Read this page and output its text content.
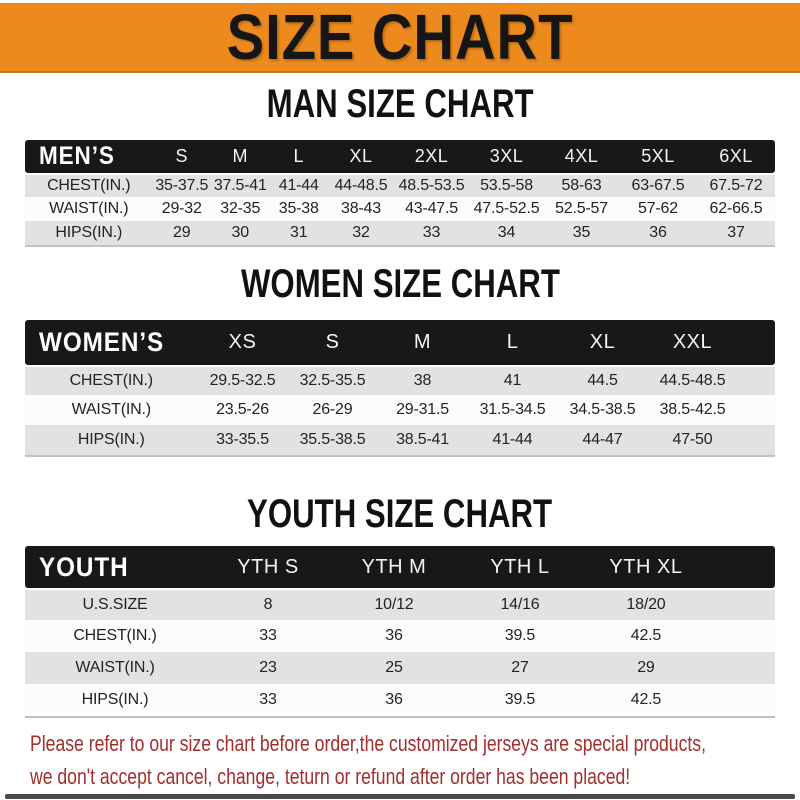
SIZE CHART
MAN SIZE CHART
MEN’S	S	M	L	XL	2XL	3XL	4XL	5XL	6XL
CHEST(IN.)	35-37.5	37.5-41	41-44	44-48.5	48.5-53.5	53.5-58	58-63	63-67.5	67.5-72
WAIST(IN.)	29-32	32-35	35-38	38-43	43-47.5	47.5-52.5	52.5-57	57-62	62-66.5
HIPS(IN.)	29	30	31	32	33	34	35	36	37
WOMEN SIZE CHART
WOMEN’S	XS	S	M	L	XL	XXL	
CHEST(IN.)	29.5-32.5	32.5-35.5	38	41	44.5	44.5-48.5	
WAIST(IN.)	23.5-26	26-29	29-31.5	31.5-34.5	34.5-38.5	38.5-42.5	
HIPS(IN.)	33-35.5	35.5-38.5	38.5-41	41-44	44-47	47-50	
YOUTH SIZE CHART
YOUTH	YTH S	YTH M	YTH L	YTH XL	
U.S.SIZE	8	10/12	14/16	18/20	
CHEST(IN.)	33	36	39.5	42.5	
WAIST(IN.)	23	25	27	29	
HIPS(IN.)	33	36	39.5	42.5	

Please refer to our size chart before order,the customized jerseys are special products,

we don't accept cancel, change, teturn or refund after order has been placed!
